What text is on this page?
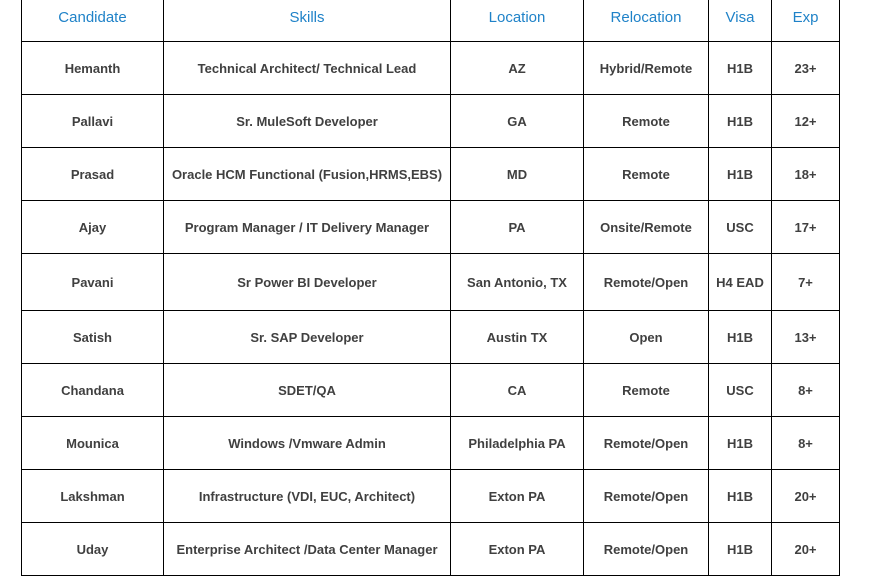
Candidate	Skills	Location	Relocation	Visa	Exp
Hemanth	Technical Architect/ Technical Lead	AZ	Hybrid/Remote	H1B	23+
Pallavi	Sr. MuleSoft Developer	GA	Remote	H1B	12+
Prasad	Oracle HCM Functional (Fusion,HRMS,EBS)	MD	Remote	H1B	18+
Ajay	Program Manager / IT Delivery Manager	PA	Onsite/Remote	USC	17+
Pavani	Sr Power BI Developer	San Antonio, TX	Remote/Open	H4 EAD	7+
Satish	Sr. SAP Developer	Austin TX	Open	H1B	13+
Chandana	SDET/QA	CA	Remote	USC	8+
Mounica	Windows /Vmware Admin	Philadelphia PA	Remote/Open	H1B	8+
Lakshman	Infrastructure (VDI, EUC, Architect)	Exton PA	Remote/Open	H1B	20+
Uday	Enterprise Architect /Data Center Manager	Exton PA	Remote/Open	H1B	20+
